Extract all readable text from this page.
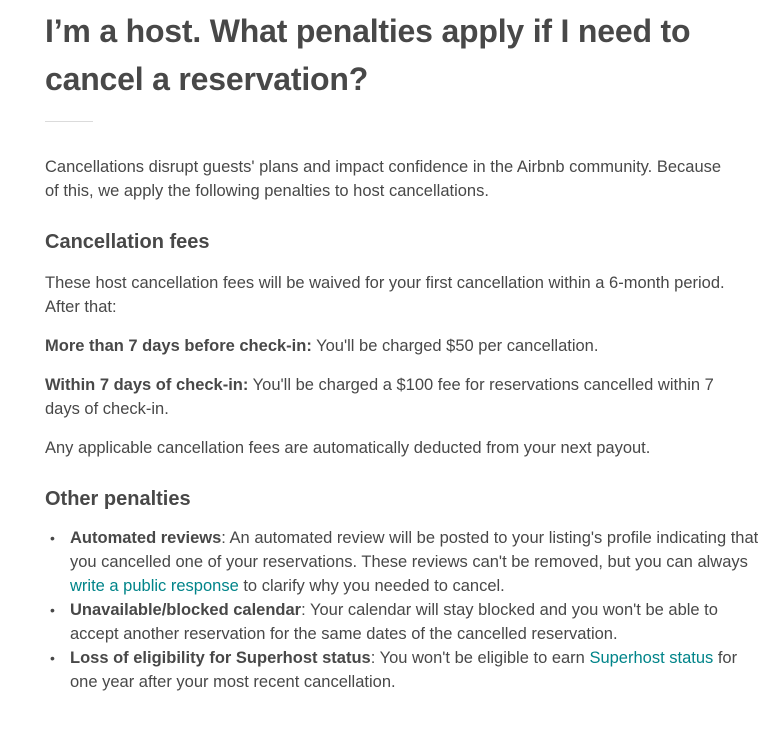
I’m a host. What penalties apply if I need to cancel a reservation?

Cancellations disrupt guests' plans and impact confidence in the Airbnb community. Because of this, we apply the following penalties to host cancellations.

Cancellation fees

These host cancellation fees will be waived for your first cancellation within a 6-month period. After that:

More than 7 days before check-in: You'll be charged $50 per cancellation.

Within 7 days of check-in: You'll be charged a $100 fee for reservations cancelled within 7 days of check-in.

Any applicable cancellation fees are automatically deducted from your next payout.

Other penalties
• Automated reviews: An automated review will be posted to your listing's profile indicating that you cancelled one of your reservations. These reviews can't be removed, but you can always write a public response to clarify why you needed to cancel.
• Unavailable/blocked calendar: Your calendar will stay blocked and you won't be able to accept another reservation for the same dates of the cancelled reservation.
• Loss of eligibility for Superhost status: You won't be eligible to earn Superhost status for one year after your most recent cancellation.
